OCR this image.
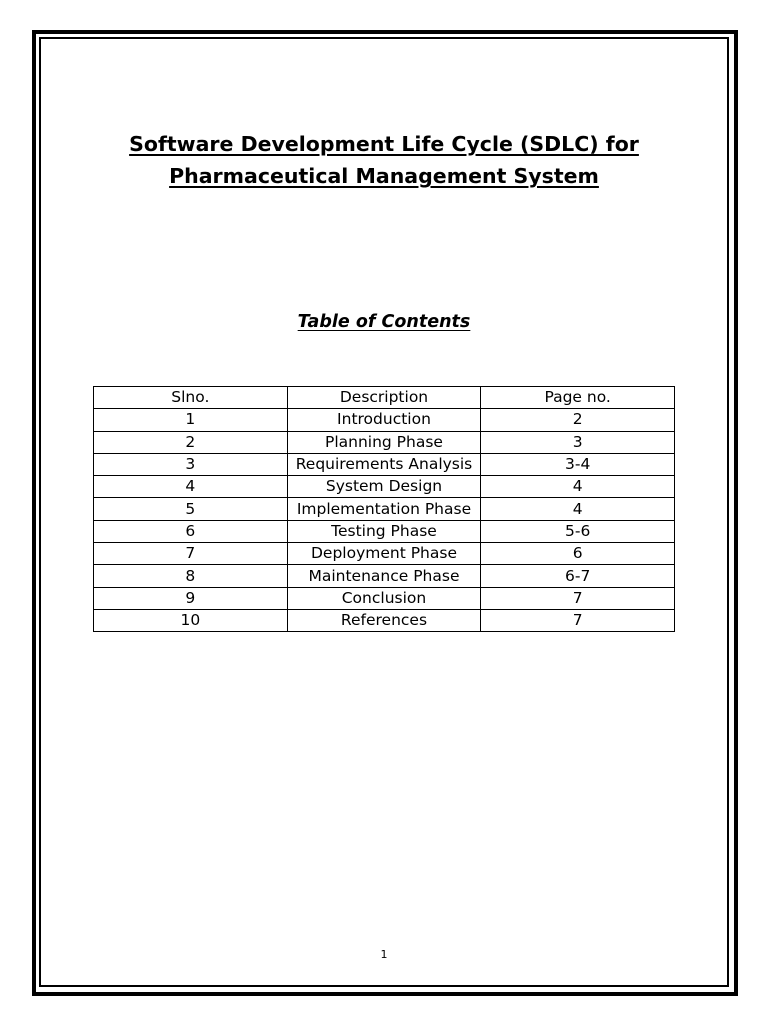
Software Development Life Cycle (SDLC) for
Pharmaceutical Management System
Table of Contents
Slno.	Description	Page no.
1	Introduction	2
2	Planning Phase	3
3	Requirements Analysis	3-4
4	System Design	4
5	Implementation Phase	4
6	Testing Phase	5-6
7	Deployment Phase	6
8	Maintenance Phase	6-7
9	Conclusion	7
10	References	7
1
